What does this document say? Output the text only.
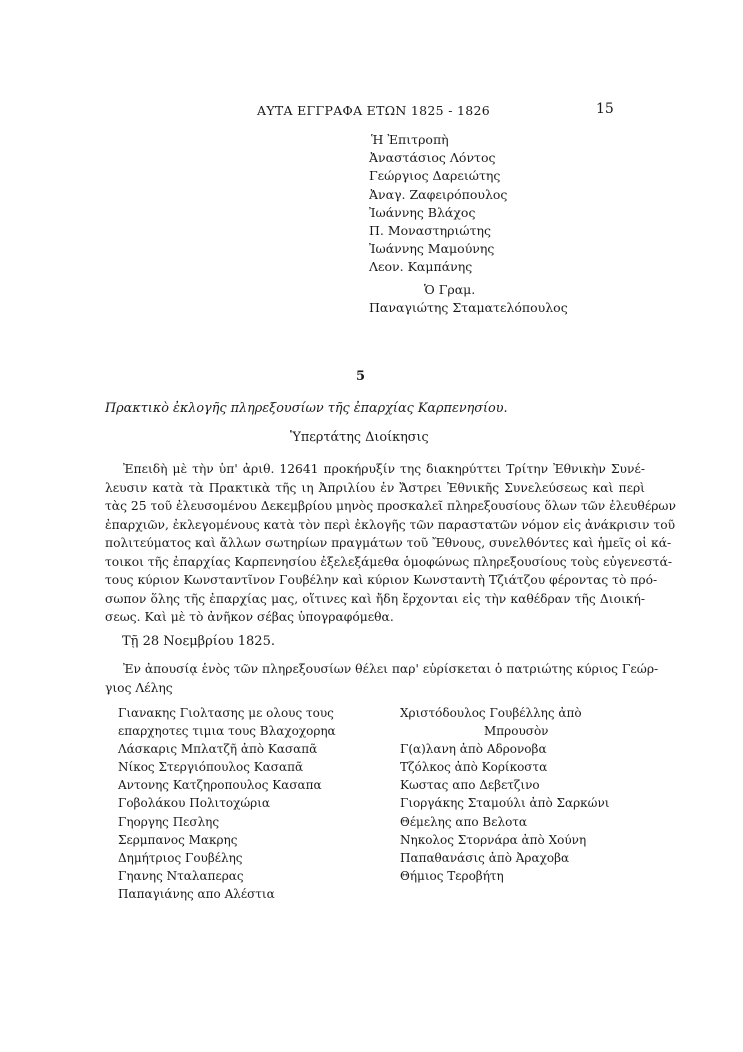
ΑΥΤΑ ΕΓΓΡΑΦΑ ΕΤΩΝ 1825 - 1826	15
Ἡ Ἐπιτροπὴ
Ἀναστάσιος Λόντος
Γεώργιος Δαρειώτης
Ἀναγ. Ζαφειρόπουλος
Ἰωάννης Βλάχος
Π. Μοναστηριώτης
Ἰωάννης Μαμούνης
Λεον. Καμπάνης
Ὁ Γραμ.
Παναγιώτης Σταματελόπουλος
5
Πρακτικὸ ἐκλογῆς πληρεξουσίων τῆς ἐπαρχίας Καρπενησίου.
Ὑπερτάτης Διοίκησις
Ἐπειδὴ μὲ τὴν ὑπ' ἀριθ. 12641 προκήρυξίν της διακηρύττει Τρίτην Ἐθνικὴν Συνέ-
λευσιν κατὰ τὰ Πρακτικὰ τῆς ιη Ἀπριλίου ἐν Ἄστρει Ἐθνικῆς Συνελεύσεως καὶ περὶ
τὰς 25 τοῦ ἐλευσομένου Δεκεμβρίου μηνὸς προσκαλεῖ πληρεξουσίους ὅλων τῶν ἐλευθέρων
ἐπαρχιῶν, ἐκλεγομένους κατὰ τὸν περὶ ἐκλογῆς τῶν παραστατῶν νόμον εἰς ἀνάκρισιν τοῦ
πολιτεύματος καὶ ἄλλων σωτηρίων πραγμάτων τοῦ Ἔθνους, συνελθόντες καὶ ἡμεῖς οἱ κά-
τοικοι τῆς ἐπαρχίας Καρπενησίου ἐξελεξάμεθα ὁμοφώνως πληρεξουσίους τοὺς εὐγενεστά-
τους κύριον Κωνσταντῖνον Γουβέλην καὶ κύριον Κωνσταντὴ Τζιάτζου φέροντας τὸ πρό-
σωπον ὅλης τῆς ἐπαρχίας μας, οἵτινες καὶ ἤδη ἔρχονται εἰς τὴν καθέδραν τῆς Διοική-
σεως. Καὶ μὲ τὸ ἀνῆκον σέβας ὑπογραφόμεθα.
Τῇ 28 Νοεμβρίου 1825.
Ἐν ἀπουσίᾳ ἑνὸς τῶν πληρεξουσίων θέλει παρ' εὑρίσκεται ὁ πατριώτης κύριος Γεώρ-
γιος Λέλης
Γιανακης Γιολτασης με ολους τους
επαρχηοτες τιμια τους Βλαχοχορηα
Λάσκαρις Μπλατζῆ ἀπὸ Κασαπᾶ
Νίκος Στεργιόπουλος Κασαπᾶ
Αντονης Κατζηροπουλος Κασαπα
Γοβολάκου Πολιτοχώρια
Γηοργης Πεσλης
Σερμπανος Μακρης
Δημήτριος Γουβέλης
Γηανης Νταλαπερας
Παπαγιάνης απο Αλέστια
Χριστόδουλος Γουβέλλης ἀπὸ
Μπρουσὸν
Γ(α)λανη ἀπὸ Αδρονοβα
Τζόλκος ἀπὸ Κορίκοστα
Κωστας απο Δεβετζινο
Γιοργάκης Σταμούλι ἀπὸ Σαρκώνι
Θέμελης απο Βελοτα
Νηκολος Στορνάρα ἀπὸ Χούνη
Παπαθανάσις ἀπὸ Ἀραχοβα
Θήμιος Τεροβήτη
